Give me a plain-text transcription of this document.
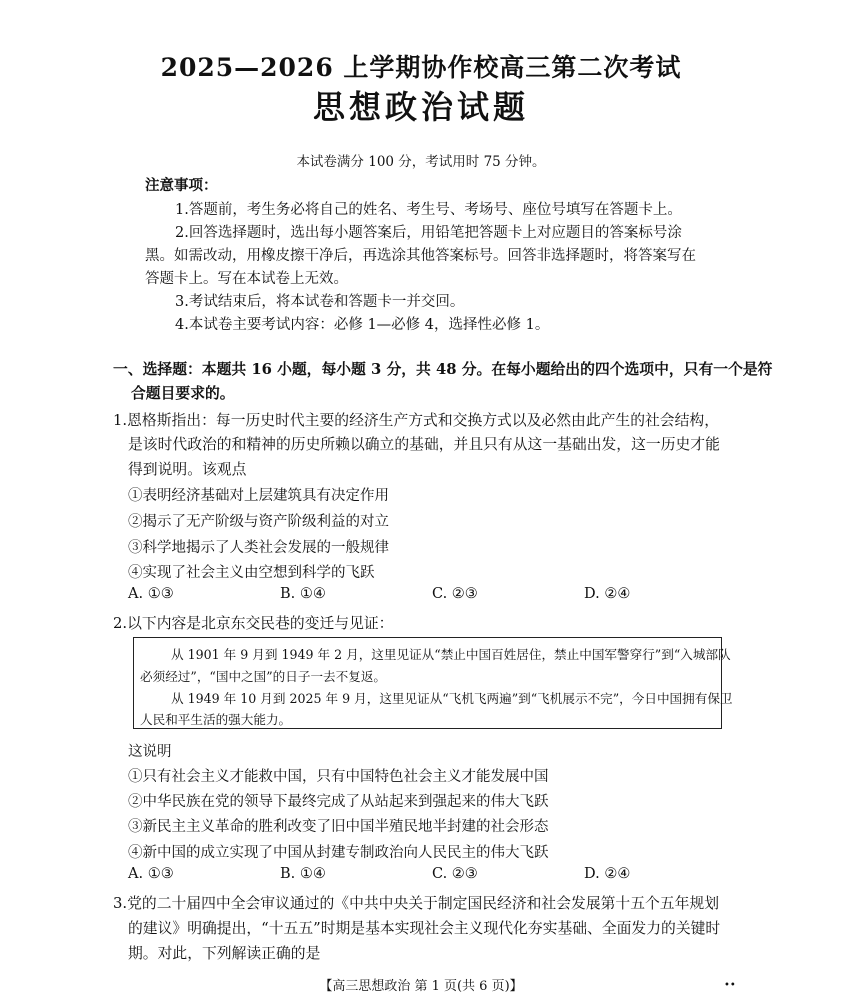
2025—2026 上学期协作校高三第二次考试
思想政治试题
本试卷满分 100 分，考试用时 75 分钟。
注意事项：
1.答题前，考生务必将自己的姓名、考生号、考场号、座位号填写在答题卡上。
2.回答选择题时，选出每小题答案后，用铅笔把答题卡上对应题目的答案标号涂
黑。如需改动，用橡皮擦干净后，再选涂其他答案标号。回答非选择题时，将答案写在
答题卡上。写在本试卷上无效。
3.考试结束后，将本试卷和答题卡一并交回。
4.本试卷主要考试内容：必修 1—必修 4，选择性必修 1。
一、选择题：本题共 16 小题，每小题 3 分，共 48 分。在每小题给出的四个选项中，只有一个是符
合题目要求的。
1.恩格斯指出：每一历史时代主要的经济生产方式和交换方式以及必然由此产生的社会结构，
是该时代政治的和精神的历史所赖以确立的基础，并且只有从这一基础出发，这一历史才能
得到说明。该观点
①表明经济基础对上层建筑具有决定作用
②揭示了无产阶级与资产阶级利益的对立
③科学地揭示了人类社会发展的一般规律
④实现了社会主义由空想到科学的飞跃
A. ①③	B. ①④	C. ②③	D. ②④
2.以下内容是北京东交民巷的变迁与见证：
从 1901 年 9 月到 1949 年 2 月，这里见证从“禁止中国百姓居住，禁止中国军警穿行”到“入城部队
必须经过”，“国中之国”的日子一去不复返。
从 1949 年 10 月到 2025 年 9 月，这里见证从“飞机飞两遍”到“飞机展示不完”，今日中国拥有保卫
人民和平生活的强大能力。
这说明
①只有社会主义才能救中国，只有中国特色社会主义才能发展中国
②中华民族在党的领导下最终完成了从站起来到强起来的伟大飞跃
③新民主主义革命的胜利改变了旧中国半殖民地半封建的社会形态
④新中国的成立实现了中国从封建专制政治向人民民主的伟大飞跃
A. ①③	B. ①④	C. ②③	D. ②④
3.党的二十届四中全会审议通过的《中共中央关于制定国民经济和社会发展第十五个五年规划
的建议》明确提出，“十五五”时期是基本实现社会主义现代化夯实基础、全面发力的关键时
期。对此，下列解读正确的是
【高三思想政治 第 1 页(共 6 页)】	••
